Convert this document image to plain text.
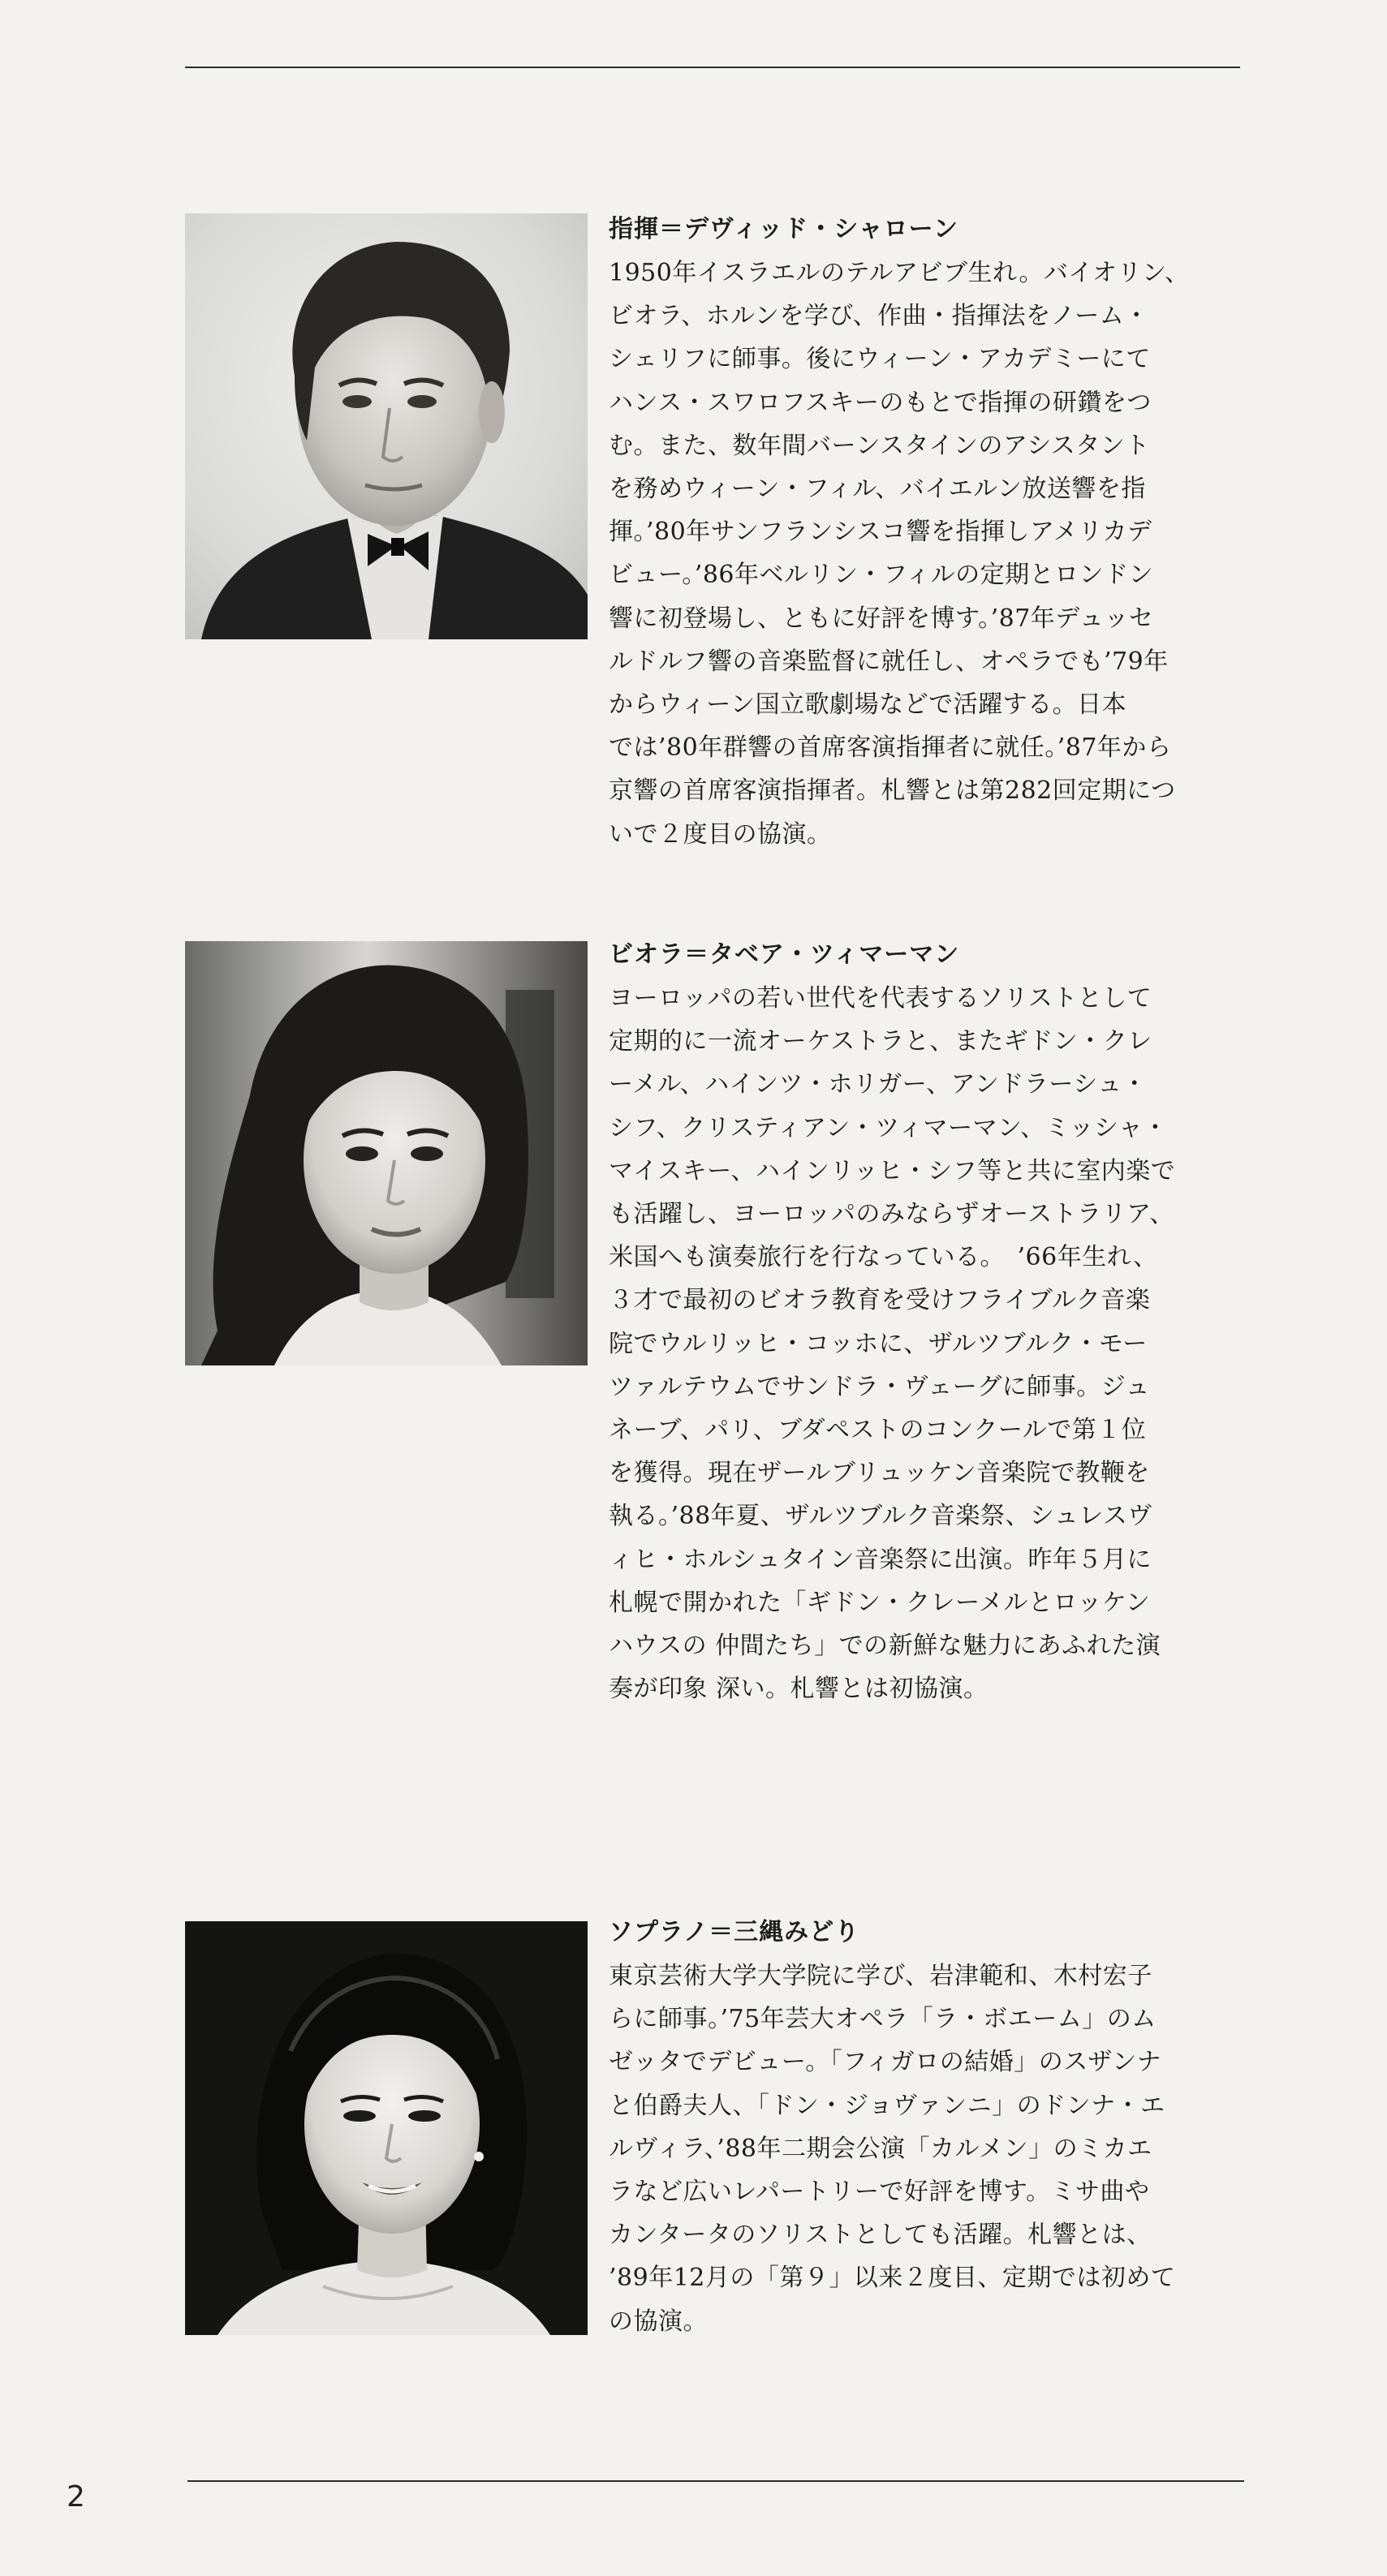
指揮＝デヴィッド・シャローン
1950年イスラエルのテルアビブ生れ。バイオリン、
ビオラ、ホルンを学び、作曲・指揮法をノーム・
シェリフに師事。後にウィーン・アカデミーにて
ハンス・スワロフスキーのもとで指揮の研鑽をつ
む。また、数年間バーンスタインのアシスタント
を務めウィーン・フィル、バイエルン放送響を指
揮。’80年サンフランシスコ響を指揮しアメリカデ
ビュー。’86年ベルリン・フィルの定期とロンドン
響に初登場し、ともに好評を博す。’87年デュッセ
ルドルフ響の音楽監督に就任し、オペラでも’79年
からウィーン国立歌劇場などで活躍する。日本
では’80年群響の首席客演指揮者に就任。’87年から
京響の首席客演指揮者。札響とは第282回定期につ
いで２度目の協演。
ビオラ＝タベア・ツィマーマン
ヨーロッパの若い世代を代表するソリストとして
定期的に一流オーケストラと、またギドン・クレ
ーメル、ハインツ・ホリガー、アンドラーシュ・
シフ、クリスティアン・ツィマーマン、ミッシャ・
マイスキー、ハインリッヒ・シフ等と共に室内楽で
も活躍し、ヨーロッパのみならずオーストラリア、
米国へも演奏旅行を行なっている。　’66年生れ、
３才で最初のビオラ教育を受けフライブルク音楽
院でウルリッヒ・コッホに、ザルツブルク・モー
ツァルテウムでサンドラ・ヴェーグに師事。ジュ
ネーブ、パリ、ブダペストのコンクールで第１位
を獲得。現在ザールブリュッケン音楽院で教鞭を
執る。’88年夏、ザルツブルク音楽祭、シュレスヴ
ィヒ・ホルシュタイン音楽祭に出演。昨年５月に
札幌で開かれた「ギドン・クレーメルとロッケン
ハウスの 仲間たち」での新鮮な魅力にあふれた演
奏が印象 深い。札響とは初協演。
ソプラノ＝三縄みどり
東京芸術大学大学院に学び、岩津範和、木村宏子
らに師事。’75年芸大オペラ「ラ・ボエーム」のム
ゼッタでデビュー。「フィガロの結婚」のスザンナ
と伯爵夫人、「ドン・ジョヴァンニ」のドンナ・エ
ルヴィラ、’88年二期会公演「カルメン」のミカエ
ラなど広いレパートリーで好評を博す。ミサ曲や
カンタータのソリストとしても活躍。札響とは、
’89年12月の「第９」以来２度目、定期では初めて
の協演。
2
